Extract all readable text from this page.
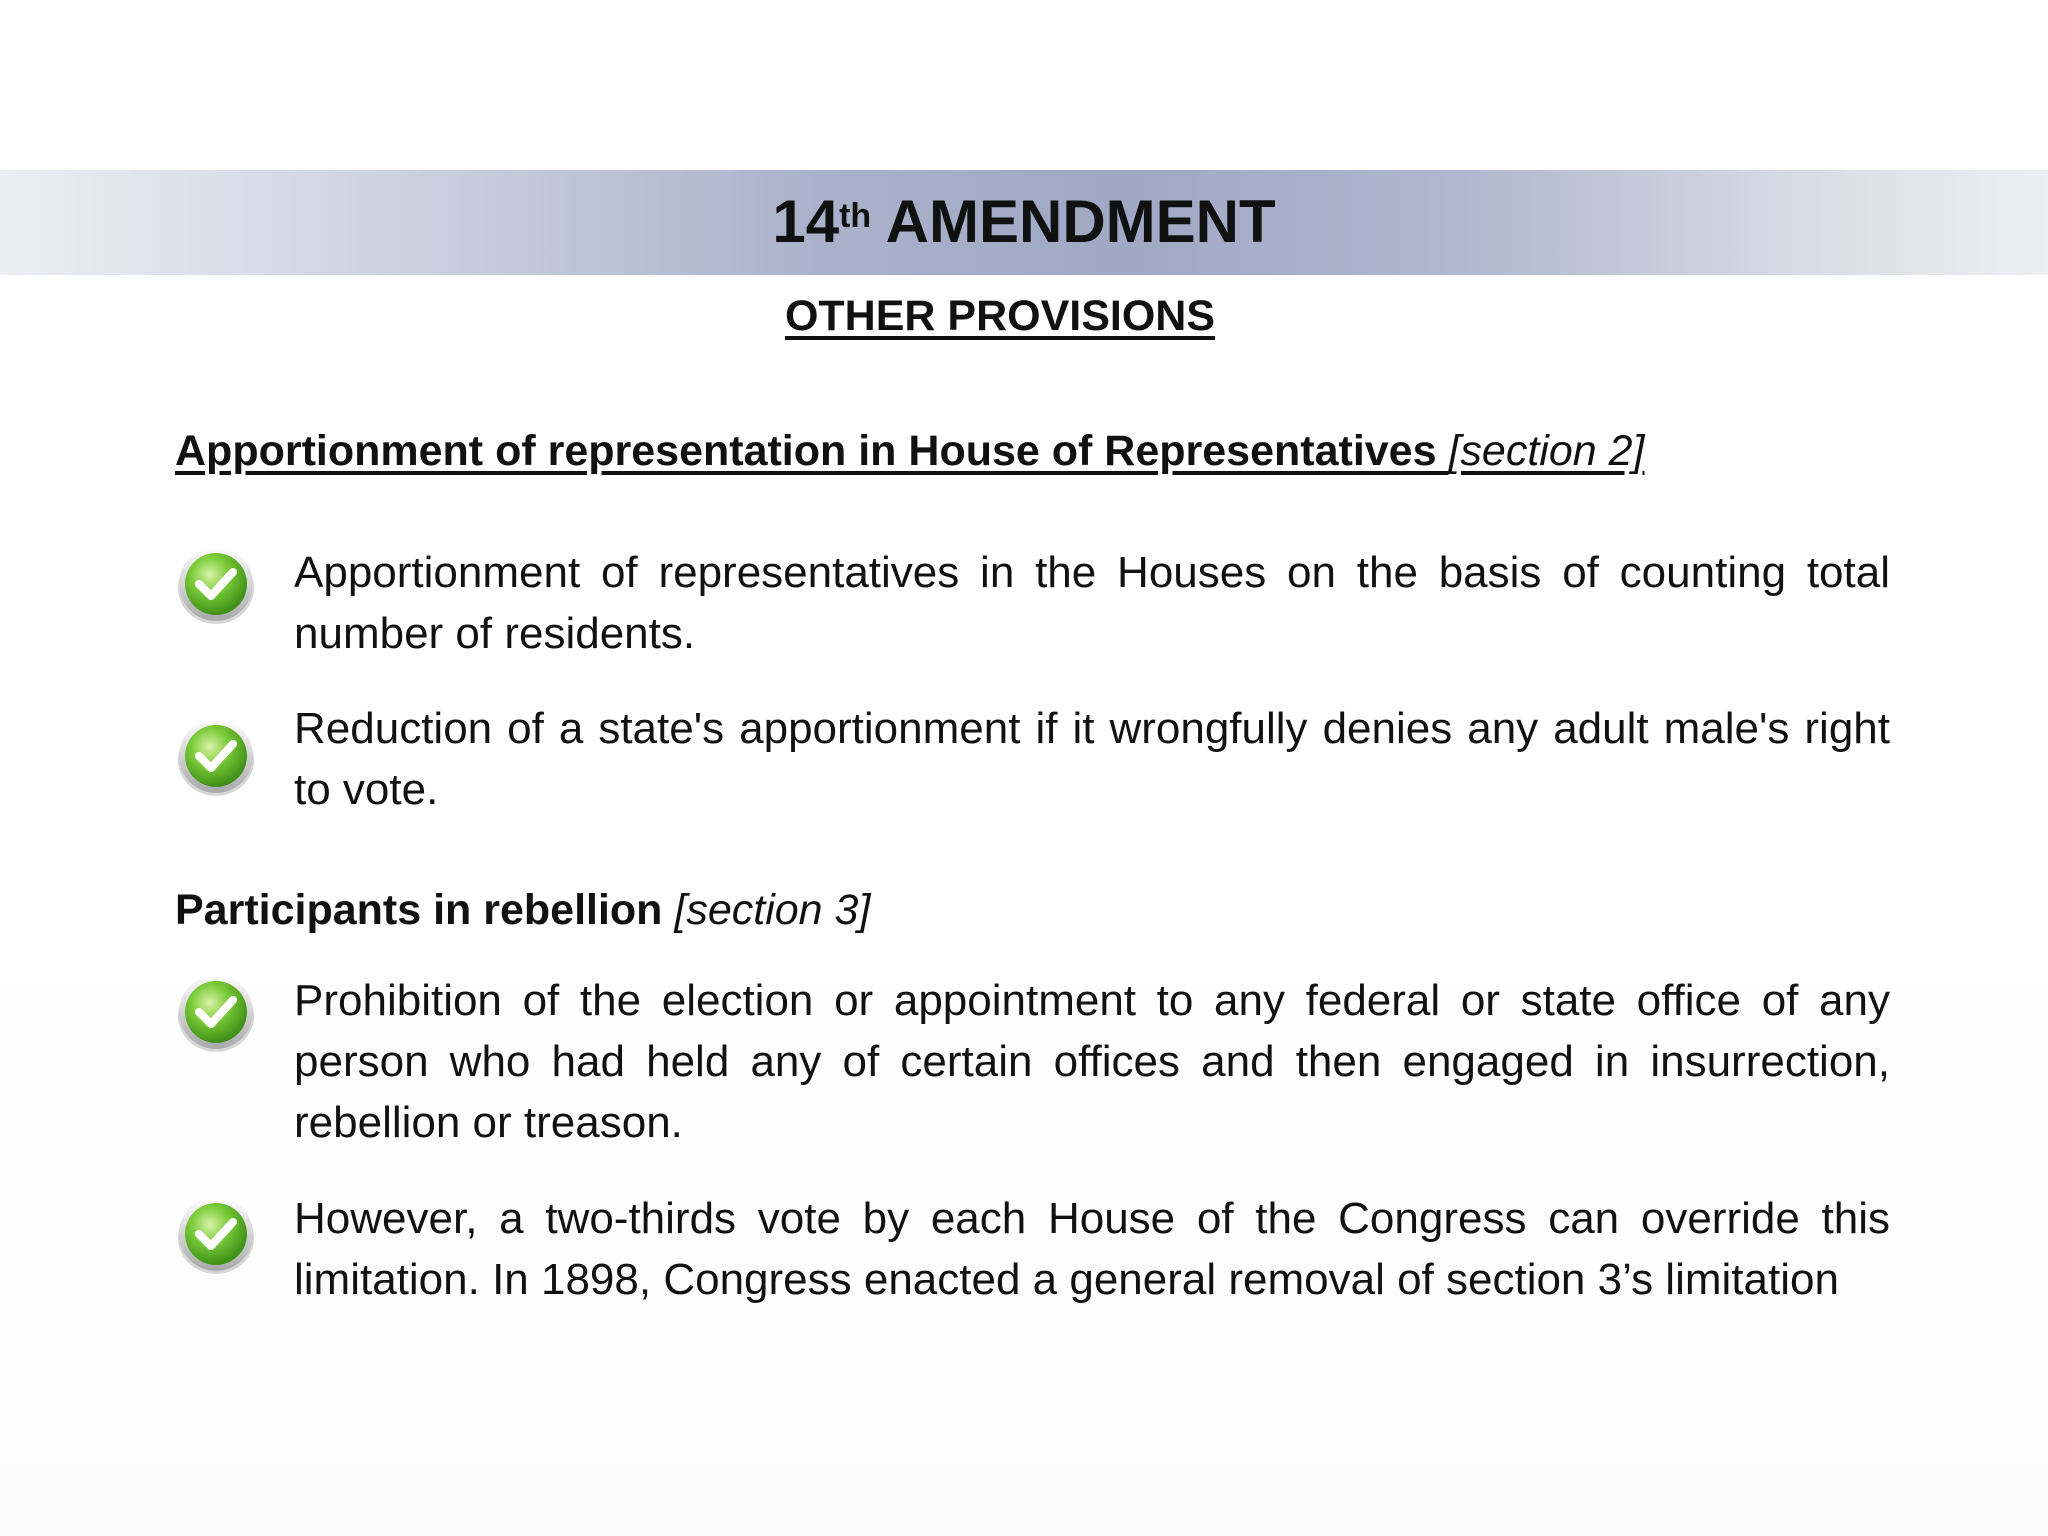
14th AMENDMENT
OTHER PROVISIONS
Apportionment of representation in House of Representatives [section 2]
Apportionment of representatives in the Houses on the basis of counting total number of residents.
Reduction of a state's apportionment if it wrongfully denies any adult male's right to vote.
Participants in rebellion [section 3]
Prohibition of the election or appointment to any federal or state office of any person who had held any of certain offices and then engaged in insurrection, rebellion or treason.
However, a two-thirds vote by each House of the Congress can override this limitation. In 1898, Congress enacted a general removal of section 3’s limitation
